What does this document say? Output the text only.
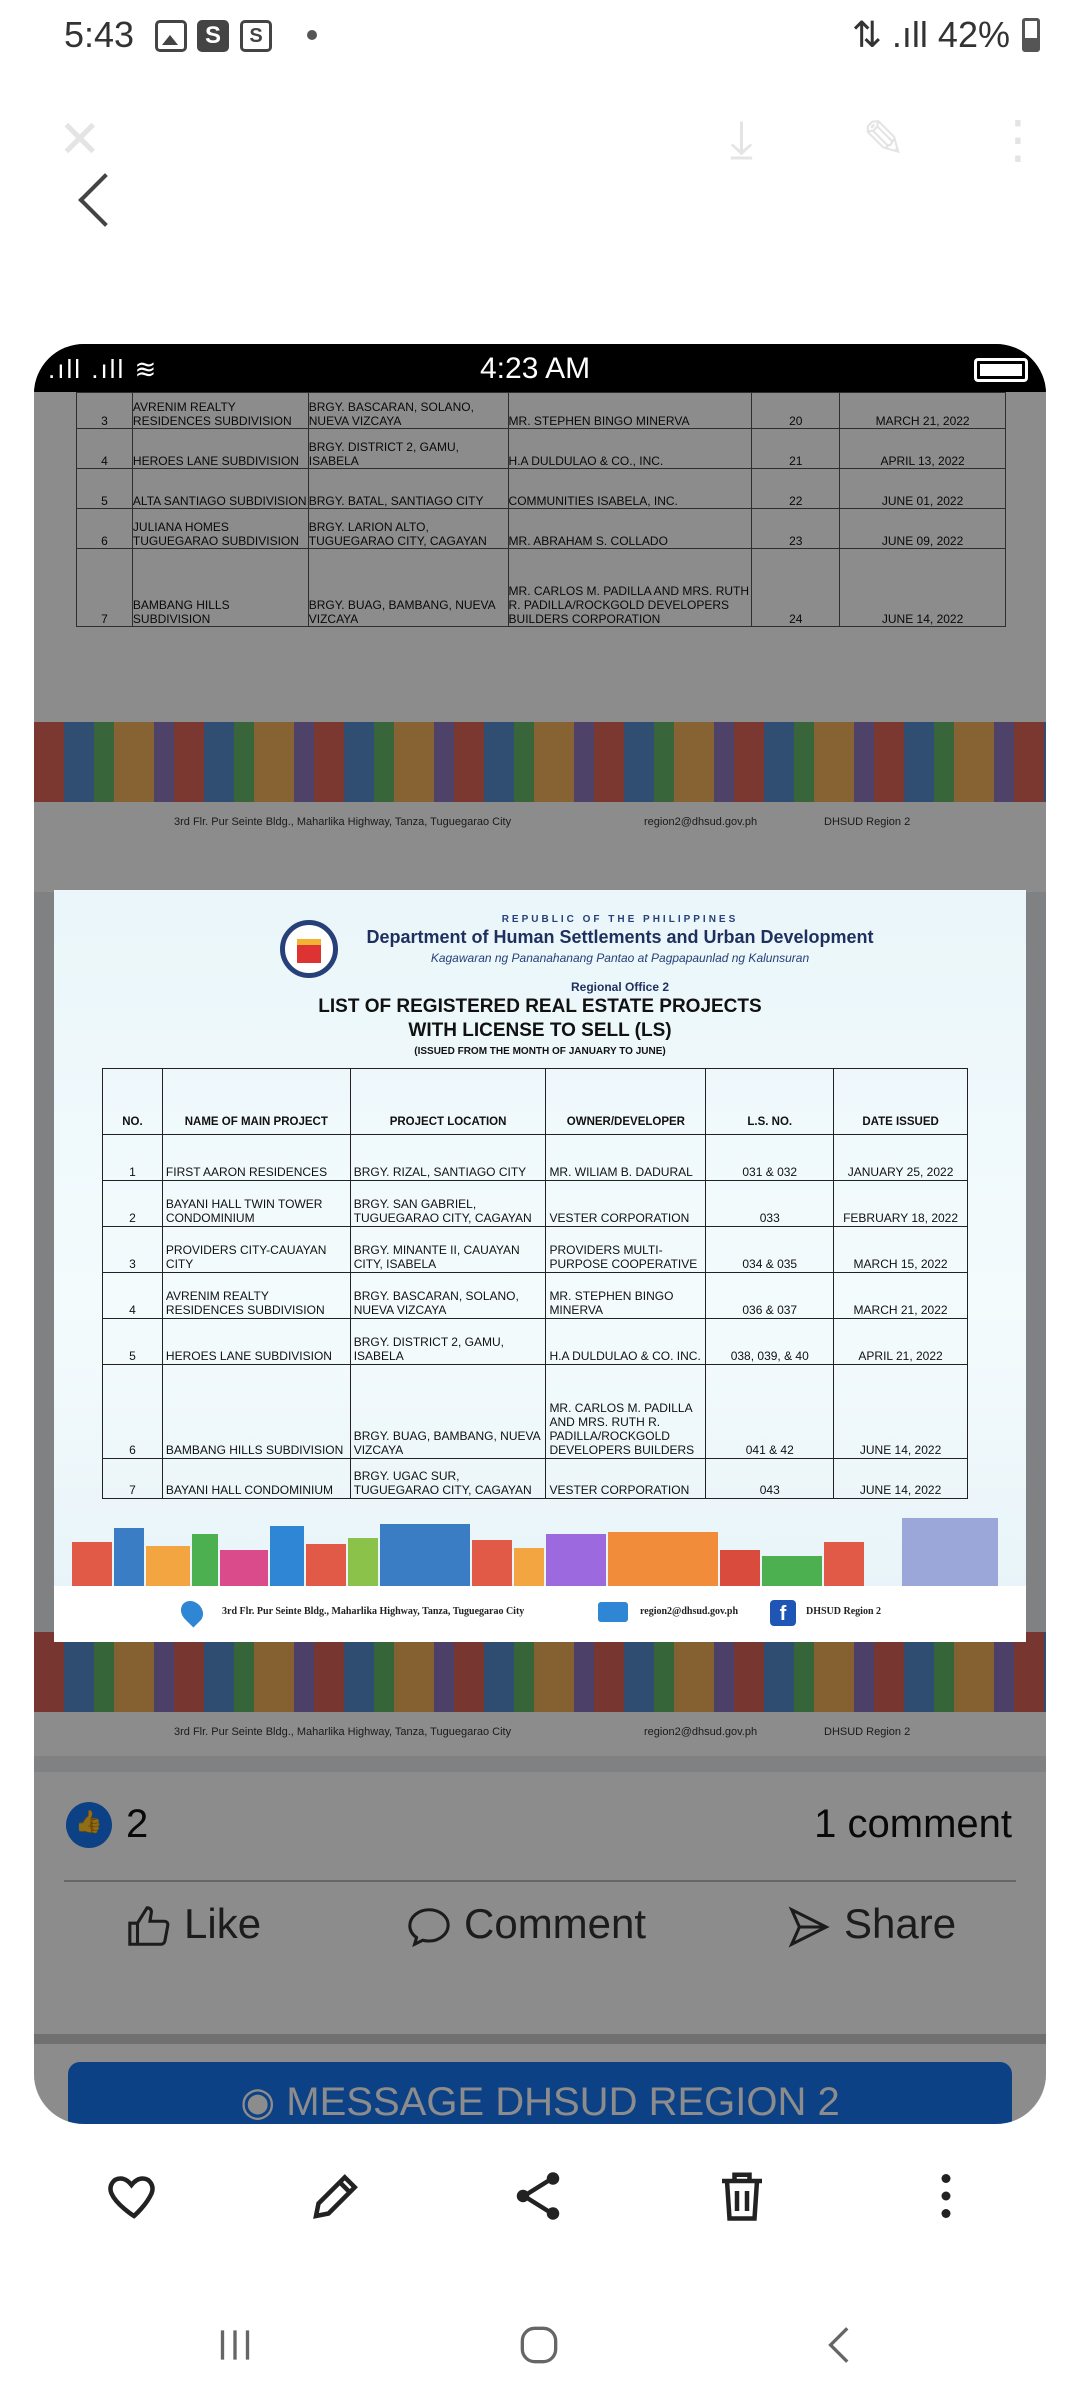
5:43	S	S	⇅ .ıll 42%
✕	⤓ ✎ ⋮
.ıll .ıll ≋	4:23 AM
3	AVRENIM REALTY RESIDENCES SUBDIVISION	BRGY. BASCARAN, SOLANO, NUEVA VIZCAYA	MR. STEPHEN BINGO MINERVA	20	MARCH 21, 2022
4	HEROES LANE SUBDIVISION	BRGY. DISTRICT 2, GAMU, ISABELA	H.A DULDULAO & CO., INC.	21	APRIL 13, 2022
5	ALTA SANTIAGO SUBDIVISION	BRGY. BATAL, SANTIAGO CITY	COMMUNITIES ISABELA, INC.	22	JUNE 01, 2022
6	JULIANA HOMES TUGUEGARAO SUBDIVISION	BRGY. LARION ALTO, TUGUEGARAO CITY, CAGAYAN	MR. ABRAHAM S. COLLADO	23	JUNE 09, 2022
7	BAMBANG HILLS SUBDIVISION	BRGY. BUAG, BAMBANG, NUEVA VIZCAYA	MR. CARLOS M. PADILLA AND MRS. RUTH R. PADILLA/ROCKGOLD DEVELOPERS BUILDERS CORPORATION	24	JUNE 14, 2022
3rd Flr. Pur Seinte Bldg., Maharlika Highway, Tanza, Tuguegarao City	region2@dhsud.gov.ph	DHSUD Region 2
3rd Flr. Pur Seinte Bldg., Maharlika Highway, Tanza, Tuguegarao City	region2@dhsud.gov.ph	DHSUD Region 2
👍
2	1 comment
Like	Comment	Share
◉ MESSAGE DHSUD REGION 2
REPUBLIC OF THE PHILIPPINES
Department of Human Settlements and Urban Development
Kagawaran ng Pananahanang Pantao at Pagpapaunlad ng Kalunsuran
Regional Office 2
LIST OF REGISTERED REAL ESTATE PROJECTS
WITH LICENSE TO SELL (LS)
(ISSUED FROM THE MONTH OF JANUARY TO JUNE)
NO.	NAME OF MAIN PROJECT	PROJECT LOCATION	OWNER/DEVELOPER	L.S. NO.	DATE ISSUED
1	FIRST AARON RESIDENCES	BRGY. RIZAL, SANTIAGO CITY	MR. WILIAM B. DADURAL	031 & 032	JANUARY 25, 2022
2	BAYANI HALL TWIN TOWER CONDOMINIUM	BRGY. SAN GABRIEL, TUGUEGARAO CITY, CAGAYAN	VESTER CORPORATION	033	FEBRUARY 18, 2022
3	PROVIDERS CITY-CAUAYAN CITY	BRGY. MINANTE II, CAUAYAN CITY, ISABELA	PROVIDERS MULTI-PURPOSE COOPERATIVE	034 & 035	MARCH 15, 2022
4	AVRENIM REALTY RESIDENCES SUBDIVISION	BRGY. BASCARAN, SOLANO, NUEVA VIZCAYA	MR. STEPHEN BINGO MINERVA	036 & 037	MARCH 21, 2022
5	HEROES LANE SUBDIVISION	BRGY. DISTRICT 2, GAMU, ISABELA	H.A DULDULAO & CO. INC.	038, 039, & 40	APRIL 21, 2022
6	BAMBANG HILLS SUBDIVISION	BRGY. BUAG, BAMBANG, NUEVA VIZCAYA	MR. CARLOS M. PADILLA AND MRS. RUTH R. PADILLA/ROCKGOLD DEVELOPERS BUILDERS	041 & 42	JUNE 14, 2022
7	BAYANI HALL CONDOMINIUM	BRGY. UGAC SUR, TUGUEGARAO CITY, CAGAYAN	VESTER CORPORATION	043	JUNE 14, 2022
3rd Flr. Pur Seinte Bldg., Maharlika Highway, Tanza, Tuguegarao City	region2@dhsud.gov.ph	f	DHSUD Region 2
